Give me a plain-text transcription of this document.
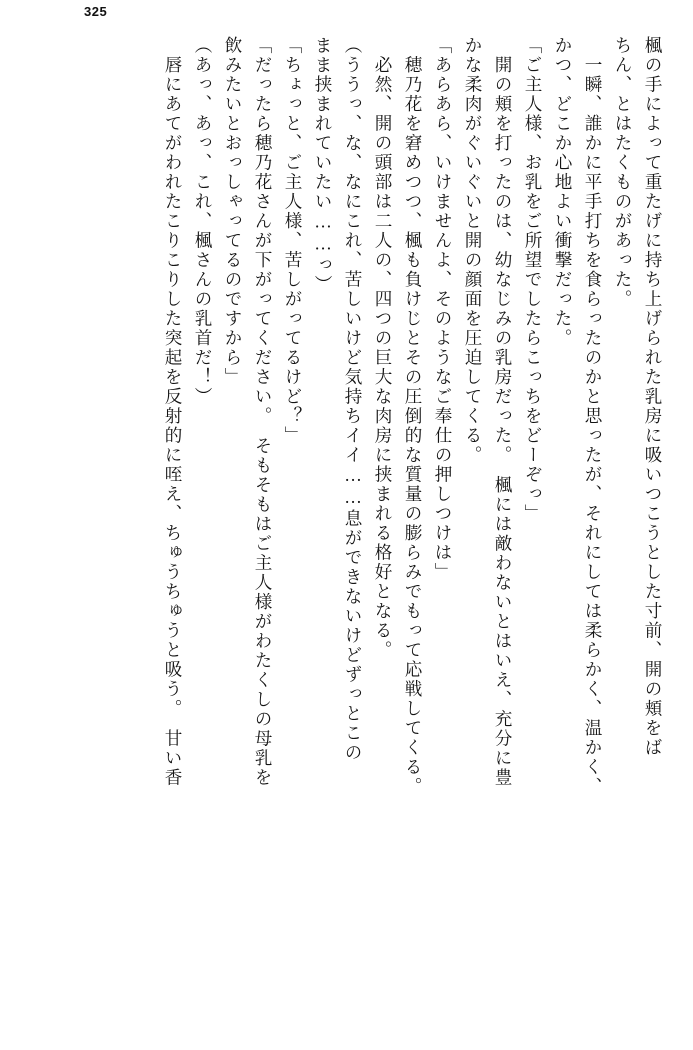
325
楓の手によって重たげに持ち上げられた乳房に吸いつこうとした寸前、開の頬をば
ちん、とはたくものがあった。
　一瞬、誰かに平手打ちを食らったのかと思ったが、それにしては柔らかく、温かく、
かつ、どこか心地よい衝撃だった。
「ご主人様、お乳をご所望でしたらこっちをどーぞっ」
　開の頬を打ったのは、幼なじみの乳房だった。　楓には敵わないとはいえ、充分に豊
かな柔肉がぐいぐいと開の顔面を圧迫してくる。
「あらあら、いけませんよ、そのようなご奉仕の押しつけは」
　穂乃花を窘めつつ、楓も負けじとその圧倒的な質量の膨らみでもって応戦してくる。
　必然、開の頭部は二人の、四つの巨大な肉房に挟まれる格好となる。
（ううっ、な、なにこれ、苦しいけど気持ちイイ……息ができないけどずっとこの
まま挟まれていたい……っ）
「ちょっと、ご主人様、苦しがってるけど？」
「だったら穂乃花さんが下がってください。　そもそもはご主人様がわたくしの母乳を
飲みたいとおっしゃってるのですから」
（あっ、あっ、これ、楓さんの乳首だ！）
　唇にあてがわれたこりこりした突起を反射的に咥え、ちゅうちゅうと吸う。　甘い香
